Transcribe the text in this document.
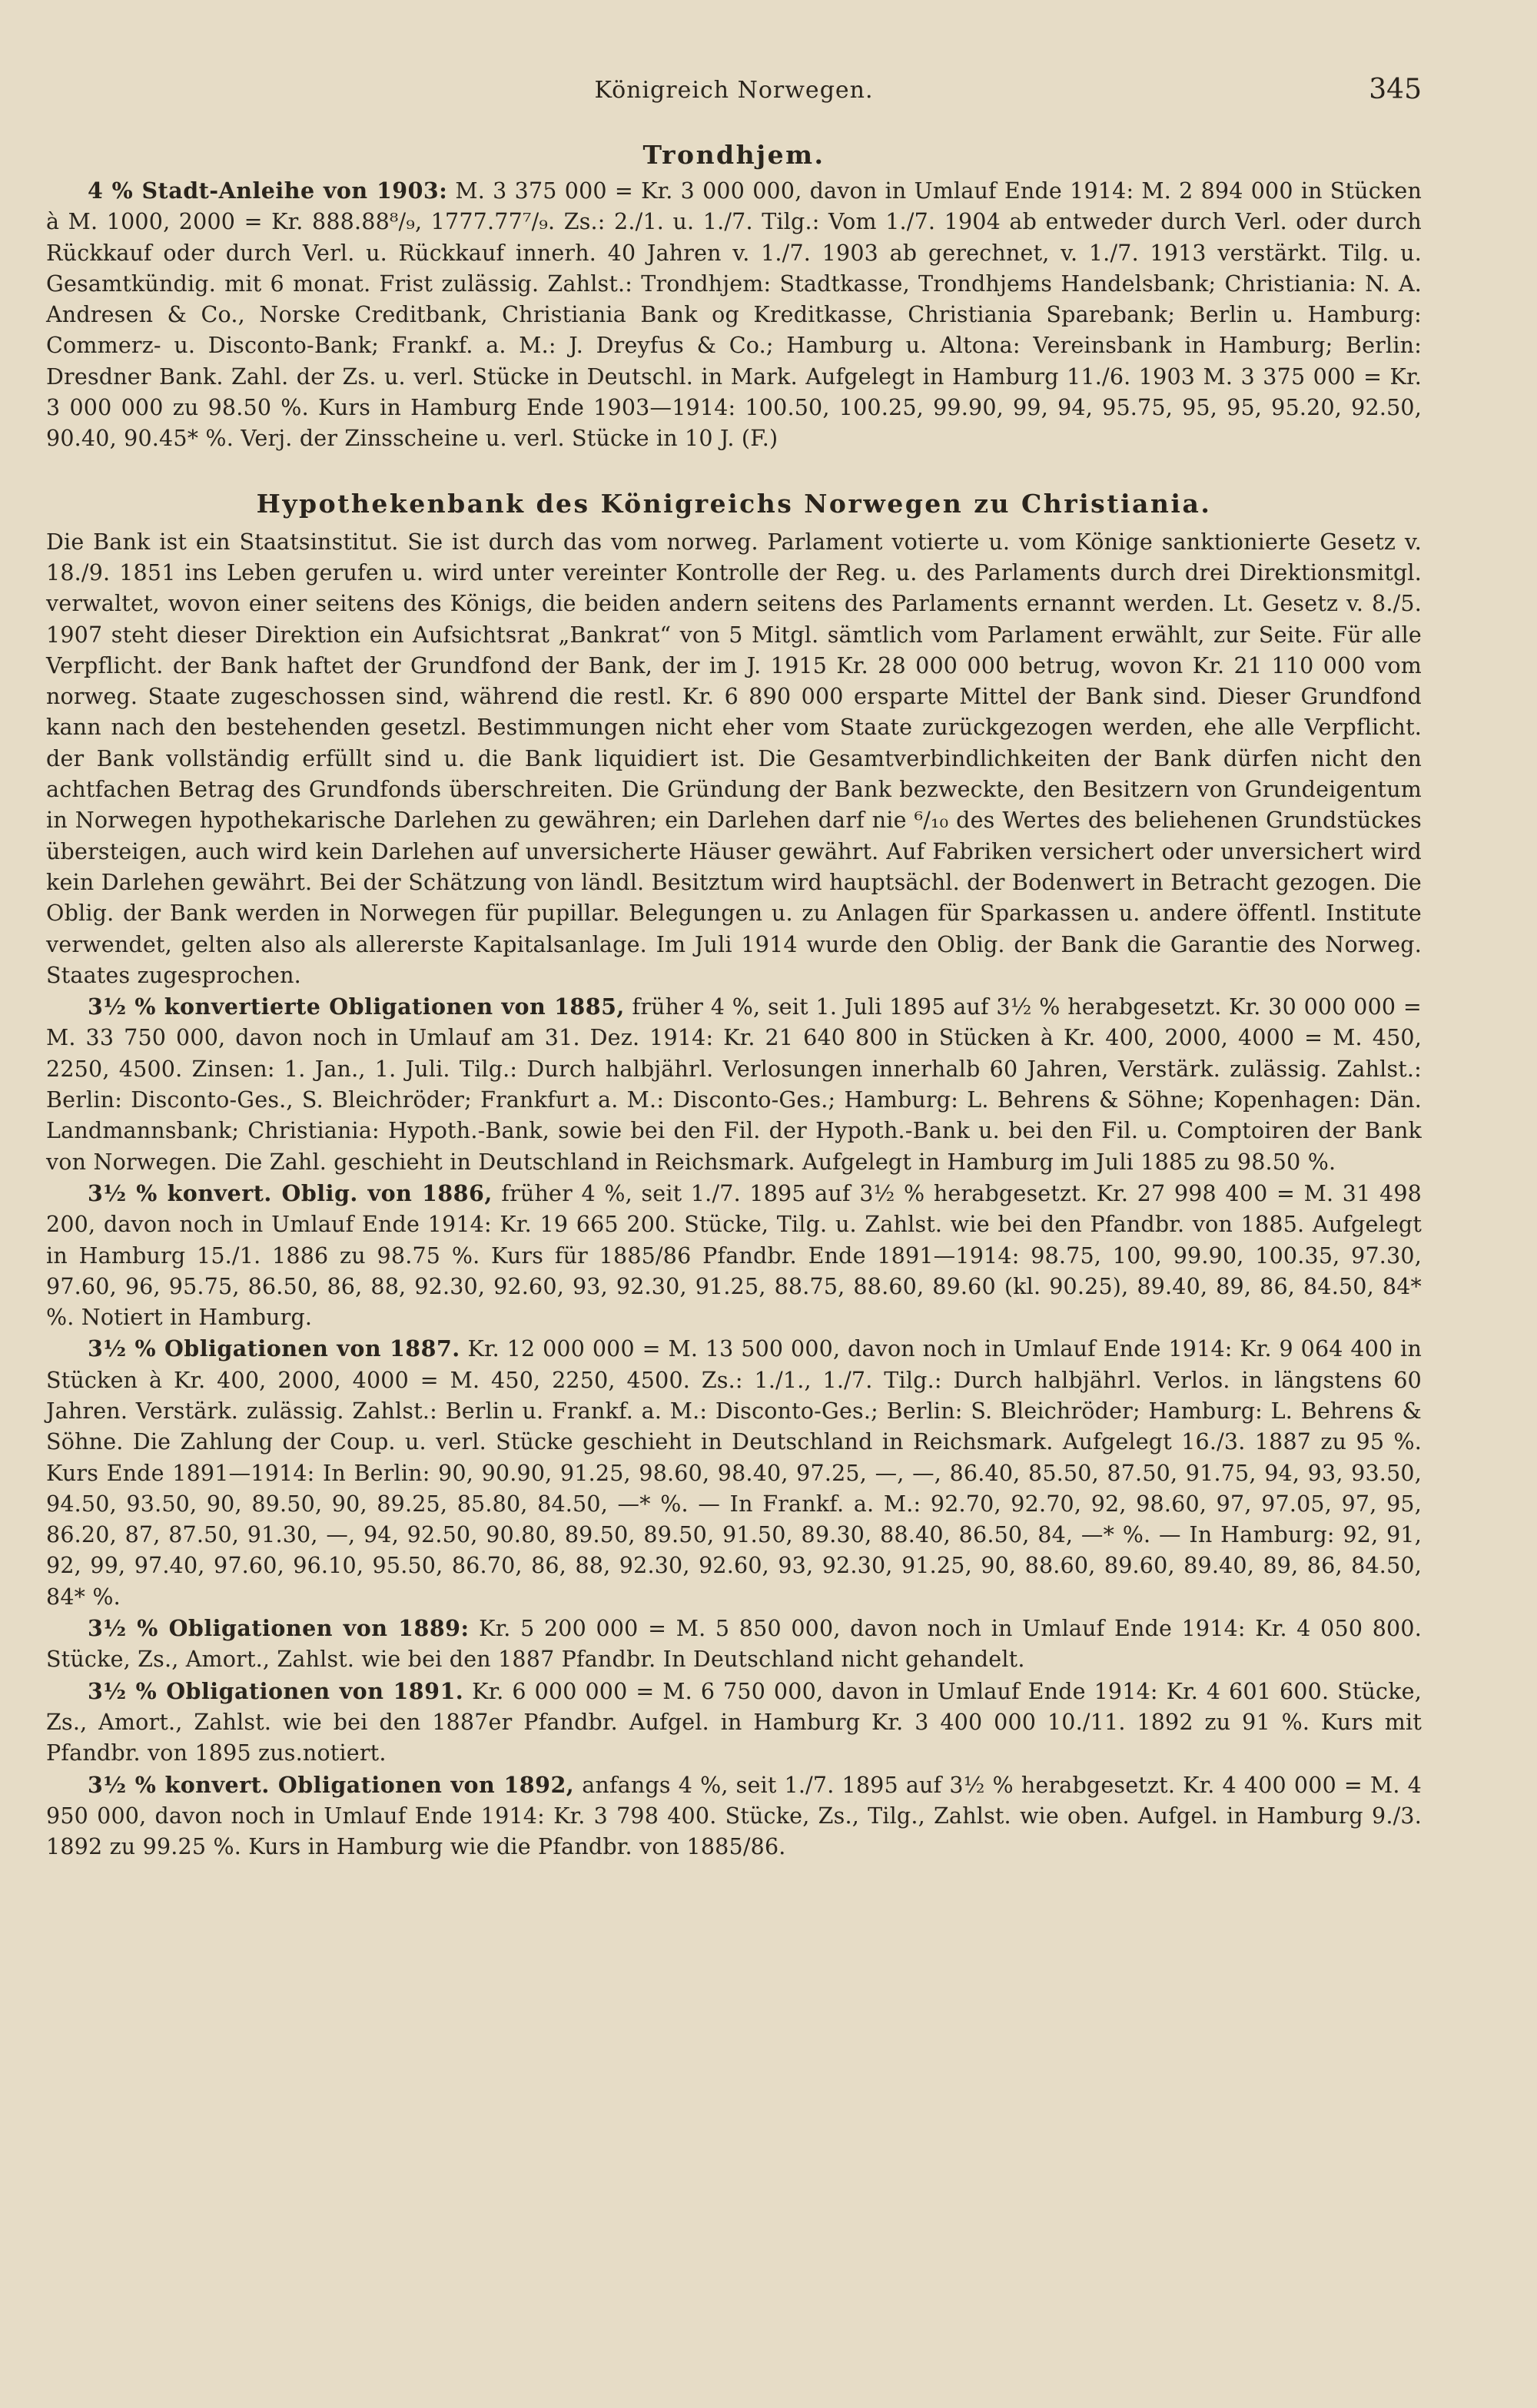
Königreich Norwegen.	345
Trondhjem.

4 % Stadt-Anleihe von 1903: M. 3 375 000 = Kr. 3 000 000, davon in Umlauf Ende 1914: M. 2 894 000 in Stücken à M. 1000, 2000 = Kr. 888.88⁸/₉, 1777.77⁷/₉. Zs.: 2./1. u. 1./7. Tilg.: Vom 1./7. 1904 ab entweder durch Verl. oder durch Rückkauf oder durch Verl. u. Rückkauf innerh. 40 Jahren v. 1./7. 1903 ab gerechnet, v. 1./7. 1913 verstärkt. Tilg. u. Gesamtkündig. mit 6 monat. Frist zulässig. Zahlst.: Trondhjem: Stadtkasse, Trondhjems Handelsbank; Christiania: N. A. Andresen & Co., Norske Creditbank, Christiania Bank og Kreditkasse, Christiania Sparebank; Berlin u. Hamburg: Commerz- u. Disconto-Bank; Frankf. a. M.: J. Dreyfus & Co.; Hamburg u. Altona: Vereinsbank in Hamburg; Berlin: Dresdner Bank. Zahl. der Zs. u. verl. Stücke in Deutschl. in Mark. Aufgelegt in Hamburg 11./6. 1903 M. 3 375 000 = Kr. 3 000 000 zu 98.50 %. Kurs in Hamburg Ende 1903—1914: 100.50, 100.25, 99.90, 99, 94, 95.75, 95, 95, 95.20, 92.50, 90.40, 90.45* %. Verj. der Zinsscheine u. verl. Stücke in 10 J. (F.)

Hypothekenbank des Königreichs Norwegen zu Christiania.

Die Bank ist ein Staatsinstitut. Sie ist durch das vom norweg. Parlament votierte u. vom Könige sanktionierte Gesetz v. 18./9. 1851 ins Leben gerufen u. wird unter vereinter Kontrolle der Reg. u. des Parlaments durch drei Direktionsmitgl. verwaltet, wovon einer seitens des Königs, die beiden andern seitens des Parlaments ernannt werden. Lt. Gesetz v. 8./5. 1907 steht dieser Direktion ein Aufsichtsrat „Bankrat“ von 5 Mitgl. sämtlich vom Parlament erwählt, zur Seite. Für alle Verpflicht. der Bank haftet der Grundfond der Bank, der im J. 1915 Kr. 28 000 000 betrug, wovon Kr. 21 110 000 vom norweg. Staate zugeschossen sind, während die restl. Kr. 6 890 000 ersparte Mittel der Bank sind. Dieser Grundfond kann nach den bestehenden gesetzl. Bestimmungen nicht eher vom Staate zurückgezogen werden, ehe alle Verpflicht. der Bank vollständig erfüllt sind u. die Bank liquidiert ist. Die Gesamtverbindlichkeiten der Bank dürfen nicht den achtfachen Betrag des Grundfonds überschreiten. Die Gründung der Bank bezweckte, den Besitzern von Grundeigentum in Norwegen hypothekarische Darlehen zu gewähren; ein Darlehen darf nie ⁶/₁₀ des Wertes des beliehenen Grundstückes übersteigen, auch wird kein Darlehen auf unversicherte Häuser gewährt. Auf Fabriken versichert oder unversichert wird kein Darlehen gewährt. Bei der Schätzung von ländl. Besitztum wird hauptsächl. der Bodenwert in Betracht gezogen. Die Oblig. der Bank werden in Norwegen für pupillar. Belegungen u. zu Anlagen für Sparkassen u. andere öffentl. Institute verwendet, gelten also als allererste Kapitalsanlage. Im Juli 1914 wurde den Oblig. der Bank die Garantie des Norweg. Staates zugesprochen.

3½ % konvertierte Obligationen von 1885, früher 4 %, seit 1. Juli 1895 auf 3½ % herabgesetzt. Kr. 30 000 000 = M. 33 750 000, davon noch in Umlauf am 31. Dez. 1914: Kr. 21 640 800 in Stücken à Kr. 400, 2000, 4000 = M. 450, 2250, 4500. Zinsen: 1. Jan., 1. Juli. Tilg.: Durch halbjährl. Verlosungen innerhalb 60 Jahren, Verstärk. zulässig. Zahlst.: Berlin: Disconto-Ges., S. Bleichröder; Frankfurt a. M.: Disconto-Ges.; Hamburg: L. Behrens & Söhne; Kopenhagen: Dän. Landmannsbank; Christiania: Hypoth.-Bank, sowie bei den Fil. der Hypoth.-Bank u. bei den Fil. u. Comptoiren der Bank von Norwegen. Die Zahl. geschieht in Deutschland in Reichsmark. Aufgelegt in Hamburg im Juli 1885 zu 98.50 %.

3½ % konvert. Oblig. von 1886, früher 4 %, seit 1./7. 1895 auf 3½ % herabgesetzt. Kr. 27 998 400 = M. 31 498 200, davon noch in Umlauf Ende 1914: Kr. 19 665 200. Stücke, Tilg. u. Zahlst. wie bei den Pfandbr. von 1885. Aufgelegt in Hamburg 15./1. 1886 zu 98.75 %. Kurs für 1885/86 Pfandbr. Ende 1891—1914: 98.75, 100, 99.90, 100.35, 97.30, 97.60, 96, 95.75, 86.50, 86, 88, 92.30, 92.60, 93, 92.30, 91.25, 88.75, 88.60, 89.60 (kl. 90.25), 89.40, 89, 86, 84.50, 84* %. Notiert in Hamburg.

3½ % Obligationen von 1887. Kr. 12 000 000 = M. 13 500 000, davon noch in Umlauf Ende 1914: Kr. 9 064 400 in Stücken à Kr. 400, 2000, 4000 = M. 450, 2250, 4500. Zs.: 1./1., 1./7. Tilg.: Durch halbjährl. Verlos. in längstens 60 Jahren. Verstärk. zulässig. Zahlst.: Berlin u. Frankf. a. M.: Disconto-Ges.; Berlin: S. Bleichröder; Hamburg: L. Behrens & Söhne. Die Zahlung der Coup. u. verl. Stücke geschieht in Deutschland in Reichsmark. Aufgelegt 16./3. 1887 zu 95 %. Kurs Ende 1891—1914: In Berlin: 90, 90.90, 91.25, 98.60, 98.40, 97.25, —, —, 86.40, 85.50, 87.50, 91.75, 94, 93, 93.50, 94.50, 93.50, 90, 89.50, 90, 89.25, 85.80, 84.50, —* %. — In Frankf. a. M.: 92.70, 92.70, 92, 98.60, 97, 97.05, 97, 95, 86.20, 87, 87.50, 91.30, —, 94, 92.50, 90.80, 89.50, 89.50, 91.50, 89.30, 88.40, 86.50, 84, —* %. — In Hamburg: 92, 91, 92, 99, 97.40, 97.60, 96.10, 95.50, 86.70, 86, 88, 92.30, 92.60, 93, 92.30, 91.25, 90, 88.60, 89.60, 89.40, 89, 86, 84.50, 84* %.

3½ % Obligationen von 1889: Kr. 5 200 000 = M. 5 850 000, davon noch in Umlauf Ende 1914: Kr. 4 050 800. Stücke, Zs., Amort., Zahlst. wie bei den 1887 Pfandbr. In Deutschland nicht gehandelt.

3½ % Obligationen von 1891. Kr. 6 000 000 = M. 6 750 000, davon in Umlauf Ende 1914: Kr. 4 601 600. Stücke, Zs., Amort., Zahlst. wie bei den 1887er Pfandbr. Aufgel. in Hamburg Kr. 3 400 000 10./11. 1892 zu 91 %. Kurs mit Pfandbr. von 1895 zus.notiert.

3½ % konvert. Obligationen von 1892, anfangs 4 %, seit 1./7. 1895 auf 3½ % herabgesetzt. Kr. 4 400 000 = M. 4 950 000, davon noch in Umlauf Ende 1914: Kr. 3 798 400. Stücke, Zs., Tilg., Zahlst. wie oben. Aufgel. in Hamburg 9./3. 1892 zu 99.25 %. Kurs in Hamburg wie die Pfandbr. von 1885/86.
